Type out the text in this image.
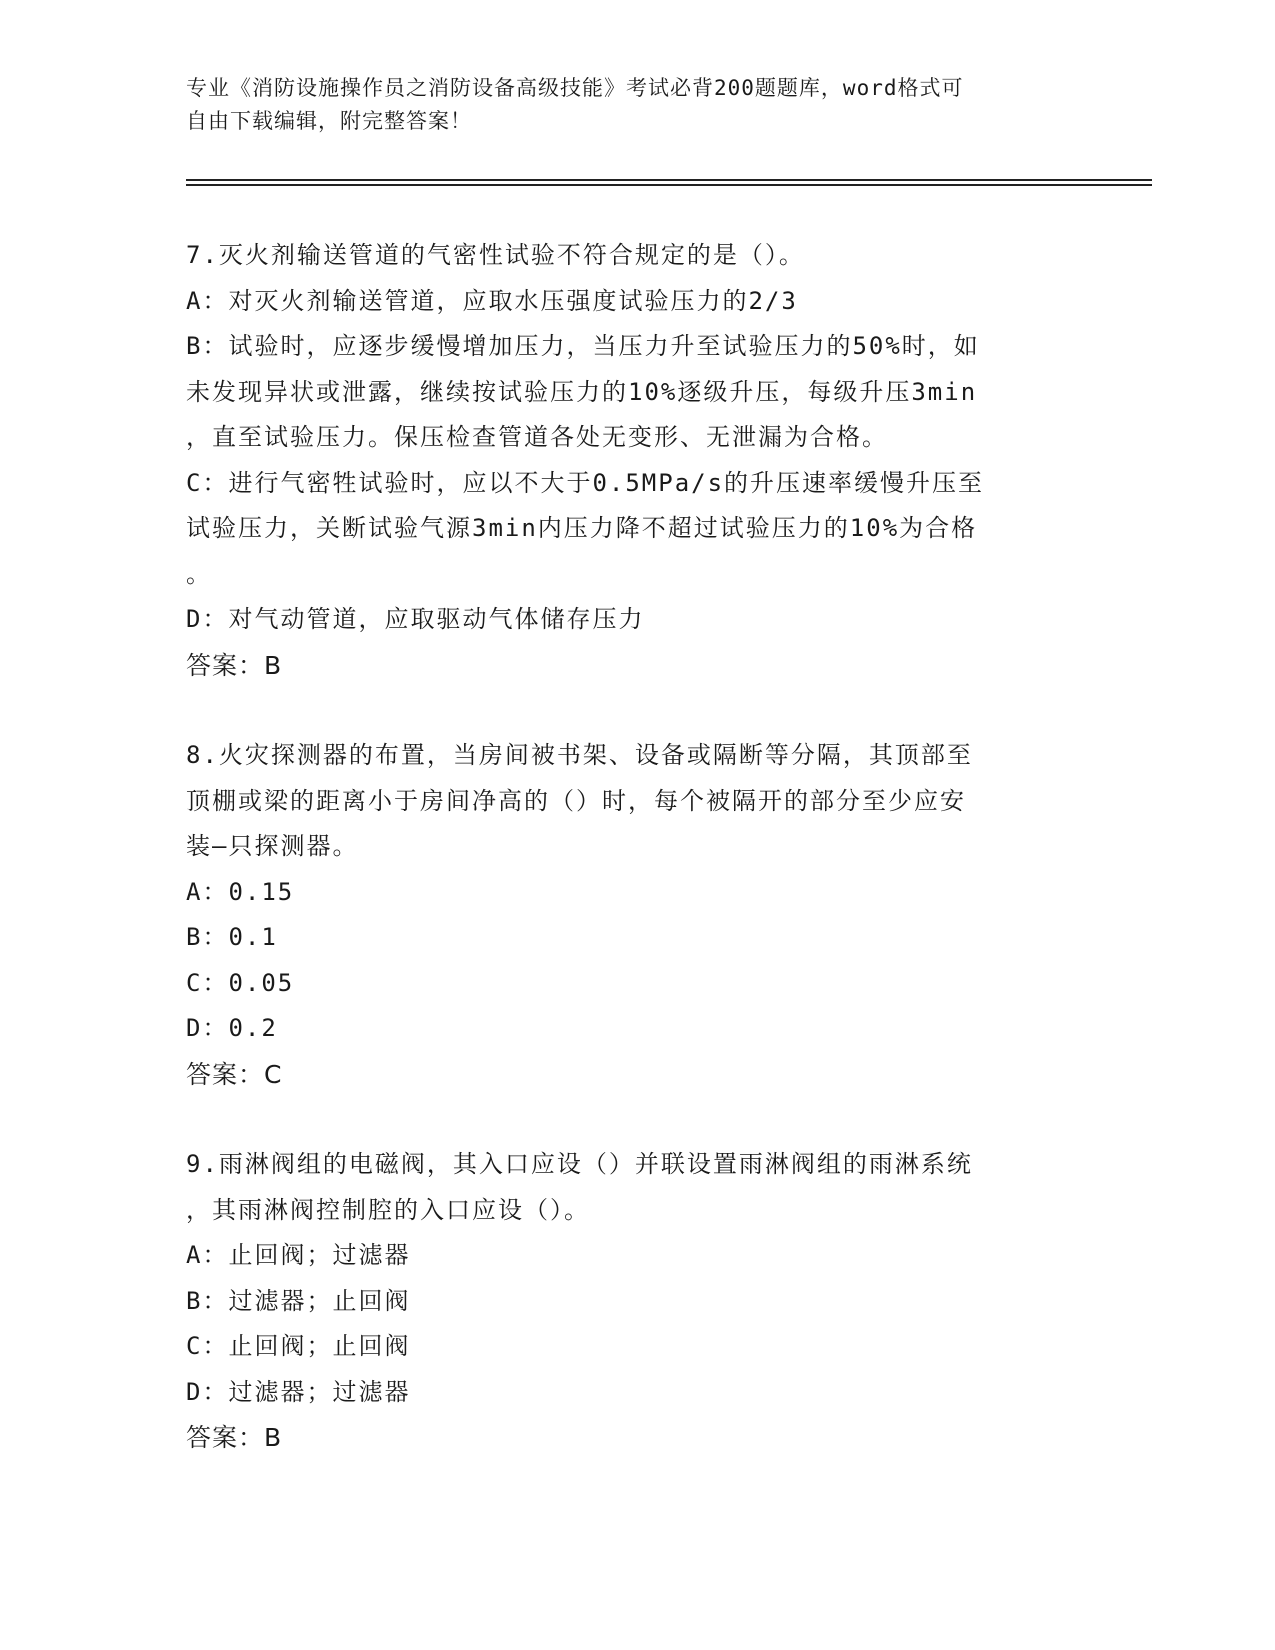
专业《消防设施操作员之消防设备高级技能》考试必背200题题库，word格式可
自由下载编辑，附完整答案！

7.灭火剂输送管道的气密性试验不符合规定的是（）。

A：对灭火剂输送管道，应取水压强度试验压力的2/3

B：试验时，应逐步缓慢增加压力，当压力升至试验压力的50%时，如

未发现异状或泄露，继续按试验压力的10%逐级升压，每级升压3min

，直至试验压力。保压检查管道各处无变形、无泄漏为合格。

C：进行气密牲试验时，应以不大于0.5MPa/s的升压速率缓慢升压至

试验压力，关断试验气源3min内压力降不超过试验压力的10%为合格

。

D：对气动管道，应取驱动气体储存压力

答案：B

8.火灾探测器的布置，当房间被书架、设备或隔断等分隔，其顶部至

顶棚或梁的距离小于房间净高的（）时，每个被隔开的部分至少应安

装—只探测器。

A：0.15

B：0.1

C：0.05

D：0.2

答案：C

9.雨淋阀组的电磁阀，其入口应设（）并联设置雨淋阀组的雨淋系统

，其雨淋阀控制腔的入口应设（）。

A：止回阀；过滤器

B：过滤器；止回阀

C：止回阀；止回阀

D：过滤器；过滤器

答案：B
